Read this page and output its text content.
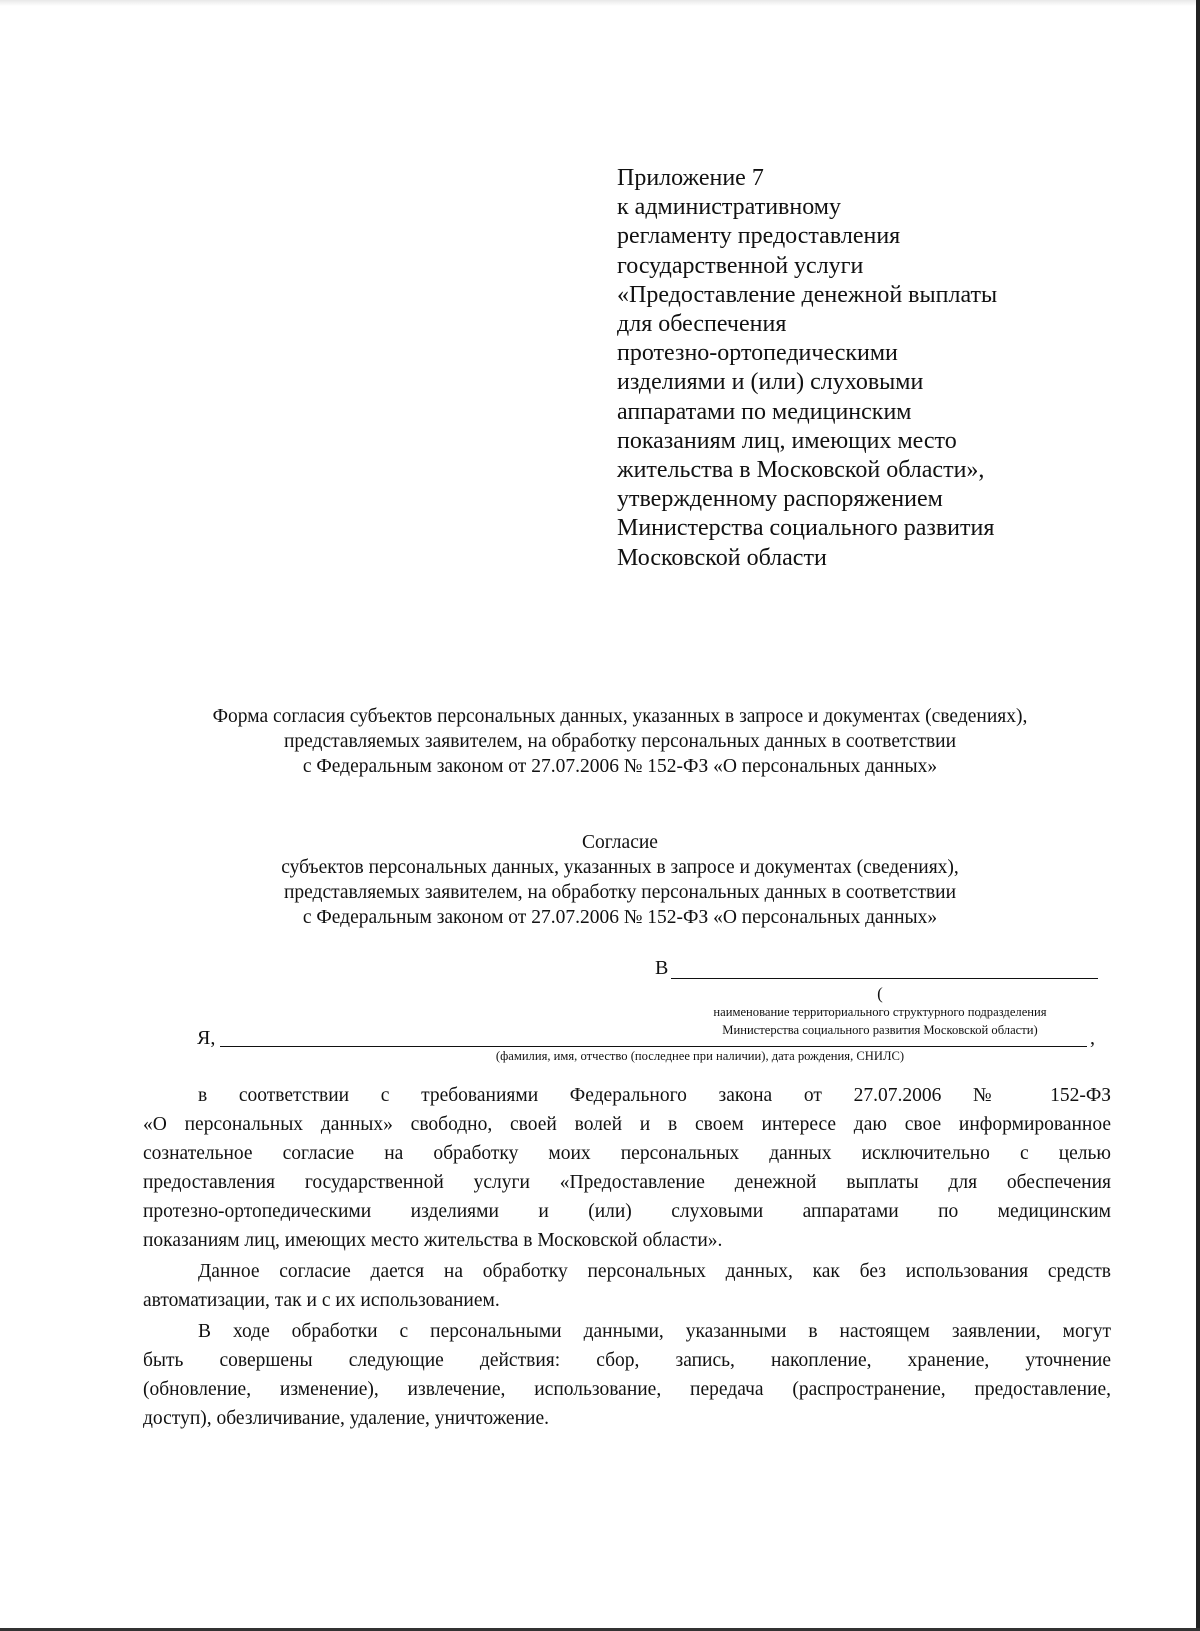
Приложение 7
к административному
регламенту предоставления
государственной услуги
«Предоставление денежной выплаты
для обеспечения
протезно-ортопедическими
изделиями и (или) слуховыми
аппаратами по медицинским
показаниям лиц, имеющих место
жительства в Московской области»,
утвержденному распоряжением
Министерства социального развития
Московской области
Форма согласия субъектов персональных данных, указанных в запросе и документах (сведениях),
представляемых заявителем, на обработку персональных данных в соответствии
с Федеральным законом от 27.07.2006 № 152-ФЗ «О персональных данных»
Согласие
субъектов персональных данных, указанных в запросе и документах (сведениях),
представляемых заявителем, на обработку персональных данных в соответствии
с Федеральным законом от 27.07.2006 № 152-ФЗ «О персональных данных»
В
(
наименование территориального структурного подразделения
Министерства социального развития Московской области)
Я,	,
(фамилия, имя, отчество (последнее при наличии), дата рождения, СНИЛС)
в соответствии с требованиями Федерального закона от 27.07.2006 № 152-ФЗ
«О персональных данных» свободно, своей волей и в своем интересе даю свое информированное
сознательное согласие на обработку моих персональных данных исключительно с целью
предоставления государственной услуги «Предоставление денежной выплаты для обеспечения
протезно-ортопедическими изделиями и (или) слуховыми аппаратами по медицинским
показаниям лиц, имеющих место жительства в Московской области».
Данное согласие дается на обработку персональных данных, как без использования средств
автоматизации, так и с их использованием.
В ходе обработки с персональными данными, указанными в настоящем заявлении, могут
быть совершены следующие действия: сбор, запись, накопление, хранение, уточнение
(обновление, изменение), извлечение, использование, передача (распространение, предоставление,
доступ), обезличивание, удаление, уничтожение.
